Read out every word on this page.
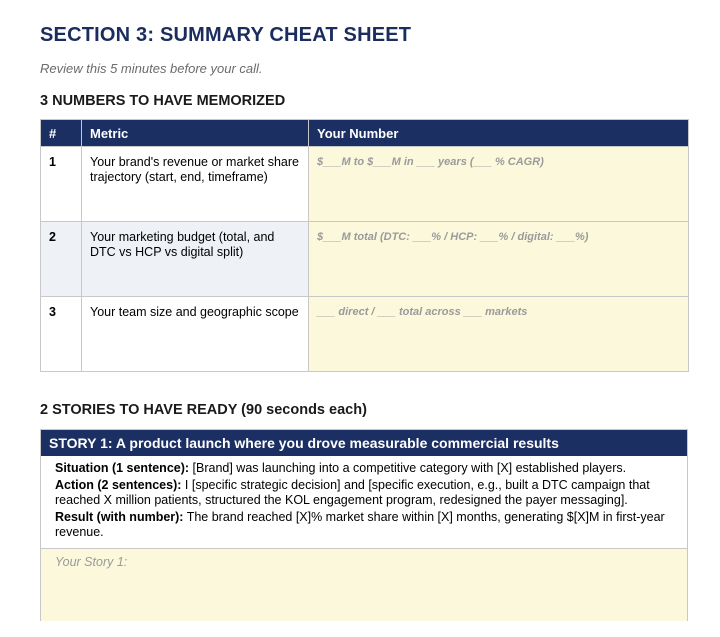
SECTION 3: SUMMARY CHEAT SHEET
Review this 5 minutes before your call.
3 NUMBERS TO HAVE MEMORIZED
#	Metric	Your Number
1	Your brand's revenue or market share trajectory (start, end, timeframe)	$___M to $___M in ___ years (___ % CAGR)
2	Your marketing budget (total, and DTC vs HCP vs digital split)	$___M total (DTC: ___% / HCP: ___% / digital: ___%)
3	Your team size and geographic scope	___ direct / ___ total across ___ markets
2 STORIES TO HAVE READY (90 seconds each)
STORY 1: A product launch where you drove measurable commercial results

Situation (1 sentence): [Brand] was launching into a competitive category with [X] established players.

Action (2 sentences): I [specific strategic decision] and [specific execution, e.g., built a DTC campaign that reached X million patients, structured the KOL engagement program, redesigned the payer messaging].

Result (with number): The brand reached [X]% market share within [X] months, generating $[X]M in first-year revenue.

Your Story 1:
